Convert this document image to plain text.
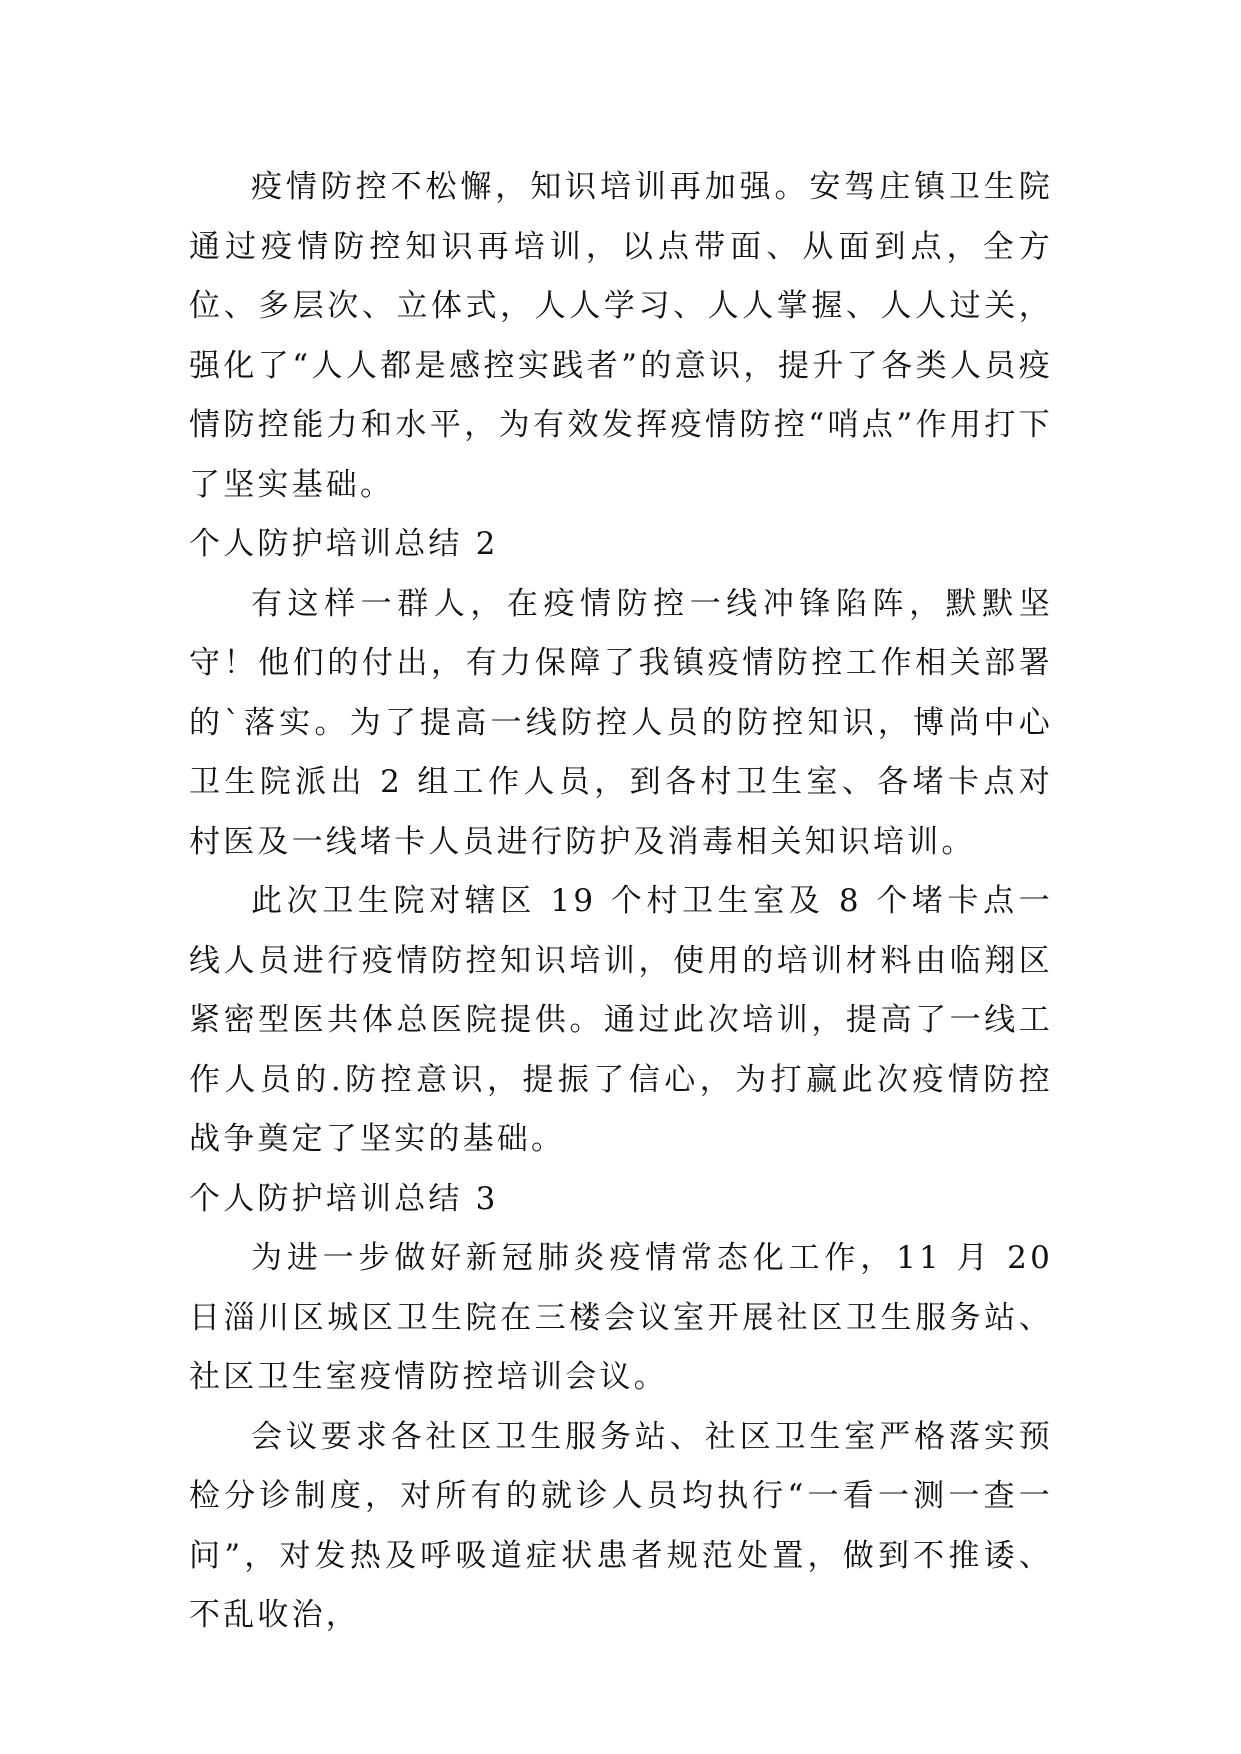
疫情防控不松懈，知识培训再加强。安驾庄镇卫生院通过疫情防控知识再培训，以点带面、从面到点，全方位、多层次、立体式，人人学习、人人掌握、人人过关，强化了“人人都是感控实践者”的意识，提升了各类人员疫情防控能力和水平，为有效发挥疫情防控“哨点”作用打下了坚实基础。

个人防护培训总结 2

有这样一群人，在疫情防控一线冲锋陷阵，默默坚守！他们的付出，有力保障了我镇疫情防控工作相关部署的`落实。为了提高一线防控人员的防控知识，博尚中心卫生院派出 2 组工作人员，到各村卫生室、各堵卡点对村医及一线堵卡人员进行防护及消毒相关知识培训。

此次卫生院对辖区 19 个村卫生室及 8 个堵卡点一线人员进行疫情防控知识培训，使用的培训材料由临翔区紧密型医共体总医院提供。通过此次培训，提高了一线工作人员的.防控意识，提振了信心，为打赢此次疫情防控战争奠定了坚实的基础。

个人防护培训总结 3

为进一步做好新冠肺炎疫情常态化工作，11 月 20 日淄川区城区卫生院在三楼会议室开展社区卫生服务站、社区卫生室疫情防控培训会议。

会议要求各社区卫生服务站、社区卫生室严格落实预检分诊制度，对所有的就诊人员均执行“一看一测一查一问”，对发热及呼吸道症状患者规范处置，做到不推诿、不乱收治，
